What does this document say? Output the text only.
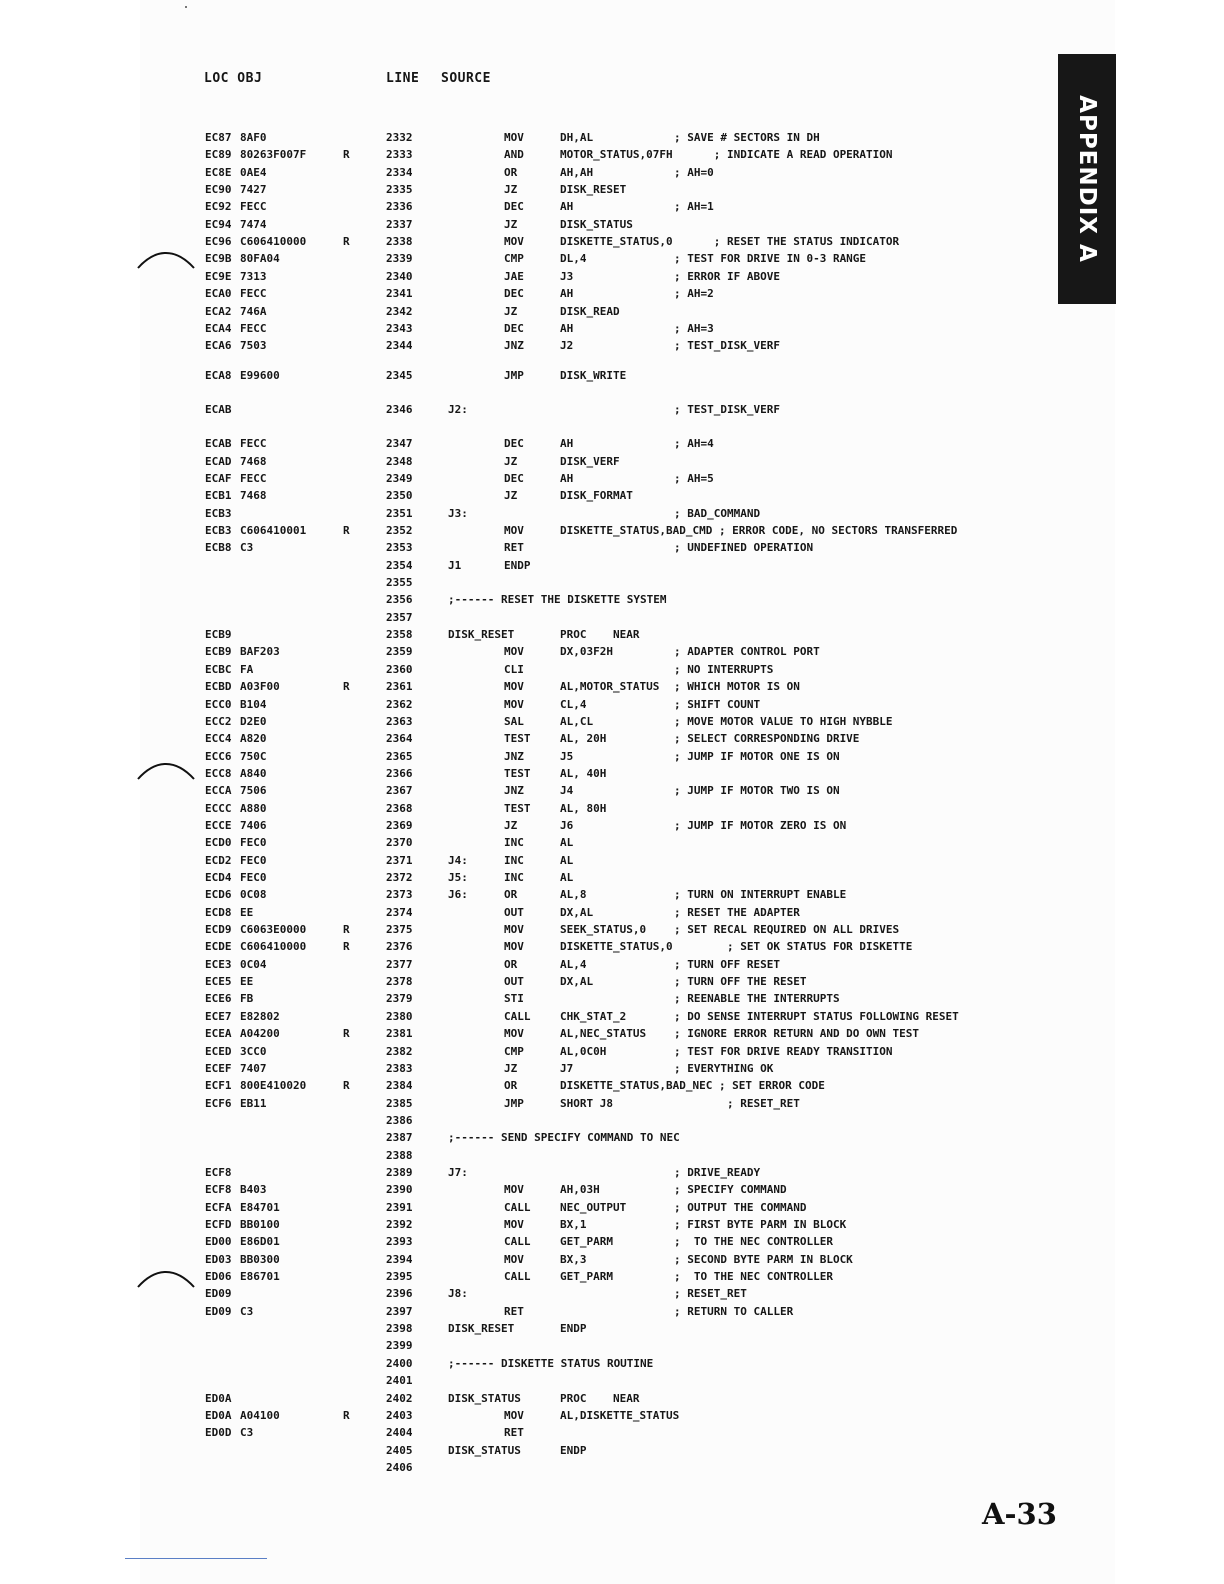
LOC OBJ	LINE SOURCE
APPENDIX A
EC87 8AF0	2332	MOV	DH,AL	; SAVE # SECTORS IN DH
EC89 80263F007F	R	2333	AND	MOTOR_STATUS,07FH ; INDICATE A READ OPERATION
EC8E 0AE4	2334	OR	AH,AH	; AH=0
EC90 7427	2335	JZ	DISK_RESET
EC92 FECC	2336	DEC	AH	; AH=1
EC94 7474	2337	JZ	DISK_STATUS
EC96 C606410000	R	2338	MOV	DISKETTE_STATUS,0 ; RESET THE STATUS INDICATOR
EC9B 80FA04	2339	CMP	DL,4	; TEST FOR DRIVE IN 0-3 RANGE
EC9E 7313	2340	JAE	J3	; ERROR IF ABOVE
ECA0 FECC	2341	DEC	AH	; AH=2
ECA2 746A	2342	JZ	DISK_READ
ECA4 FECC	2343	DEC	AH	; AH=3
ECA6 7503	2344	JNZ	J2	; TEST_DISK_VERF
ECA8 E99600	2345	JMP	DISK_WRITE
ECAB	2346	J2:	; TEST_DISK_VERF
ECAB FECC	2347	DEC	AH	; AH=4
ECAD 7468	2348	JZ	DISK_VERF
ECAF FECC	2349	DEC	AH	; AH=5
ECB1 7468	2350	JZ	DISK_FORMAT
ECB3	2351	J3:	; BAD_COMMAND
ECB3 C606410001	R	2352	MOV	DISKETTE_STATUS,BAD_CMD ; ERROR CODE, NO SECTORS TRANSFERRED
ECB8 C3	2353	RET	; UNDEFINED OPERATION
2354	J1	ENDP
2355
2356	;------ RESET THE DISKETTE SYSTEM
2357
ECB9	2358	DISK_RESET	PROC    NEAR
ECB9 BAF203	2359	MOV	DX,03F2H	; ADAPTER CONTROL PORT
ECBC FA	2360	CLI	; NO INTERRUPTS
ECBD A03F00	R	2361	MOV	AL,MOTOR_STATUS ; WHICH MOTOR IS ON
ECC0 B104	2362	MOV	CL,4	; SHIFT COUNT
ECC2 D2E0	2363	SAL	AL,CL	; MOVE MOTOR VALUE TO HIGH NYBBLE
ECC4 A820	2364	TEST	AL, 20H	; SELECT CORRESPONDING DRIVE
ECC6 750C	2365	JNZ	J5	; JUMP IF MOTOR ONE IS ON
ECC8 A840	2366	TEST	AL, 40H
ECCA 7506	2367	JNZ	J4	; JUMP IF MOTOR TWO IS ON
ECCC A880	2368	TEST	AL, 80H
ECCE 7406	2369	JZ	J6	; JUMP IF MOTOR ZERO IS ON
ECD0 FEC0	2370	INC	AL
ECD2 FEC0	2371	J4:	INC	AL
ECD4 FEC0	2372	J5:	INC	AL
ECD6 0C08	2373	J6:	OR	AL,8	; TURN ON INTERRUPT ENABLE
ECD8 EE	2374	OUT	DX,AL	; RESET THE ADAPTER
ECD9 C6063E0000	R	2375	MOV	SEEK_STATUS,0	; SET RECAL REQUIRED ON ALL DRIVES
ECDE C606410000	R	2376	MOV	DISKETTE_STATUS,0 ; SET OK STATUS FOR DISKETTE
ECE3 0C04	2377	OR	AL,4	; TURN OFF RESET
ECE5 EE	2378	OUT	DX,AL	; TURN OFF THE RESET
ECE6 FB	2379	STI	; REENABLE THE INTERRUPTS
ECE7 E82802	2380	CALL	CHK_STAT_2	; DO SENSE INTERRUPT STATUS FOLLOWING RESET
ECEA A04200	R	2381	MOV	AL,NEC_STATUS	; IGNORE ERROR RETURN AND DO OWN TEST
ECED 3CC0	2382	CMP	AL,0C0H	; TEST FOR DRIVE READY TRANSITION
ECEF 7407	2383	JZ	J7	; EVERYTHING OK
ECF1 800E410020	R	2384	OR	DISKETTE_STATUS,BAD_NEC ; SET ERROR CODE
ECF6 EB11	2385	JMP	SHORT J8	; RESET_RET
2386
2387	;------ SEND SPECIFY COMMAND TO NEC
2388
ECF8	2389	J7:	; DRIVE_READY
ECF8 B403	2390	MOV	AH,03H	; SPECIFY COMMAND
ECFA E84701	2391	CALL	NEC_OUTPUT	; OUTPUT THE COMMAND
ECFD BB0100	2392	MOV	BX,1	; FIRST BYTE PARM IN BLOCK
ED00 E86D01	2393	CALL	GET_PARM	;  TO THE NEC CONTROLLER
ED03 BB0300	2394	MOV	BX,3	; SECOND BYTE PARM IN BLOCK
ED06 E86701	2395	CALL	GET_PARM	;  TO THE NEC CONTROLLER
ED09	2396	J8:	; RESET_RET
ED09 C3	2397	RET	; RETURN TO CALLER
2398	DISK_RESET	ENDP
2399
2400	;------ DISKETTE STATUS ROUTINE
2401
ED0A	2402	DISK_STATUS	PROC    NEAR
ED0A A04100	R	2403	MOV	AL,DISKETTE_STATUS
ED0D C3	2404	RET
2405	DISK_STATUS	ENDP
2406
A-33
